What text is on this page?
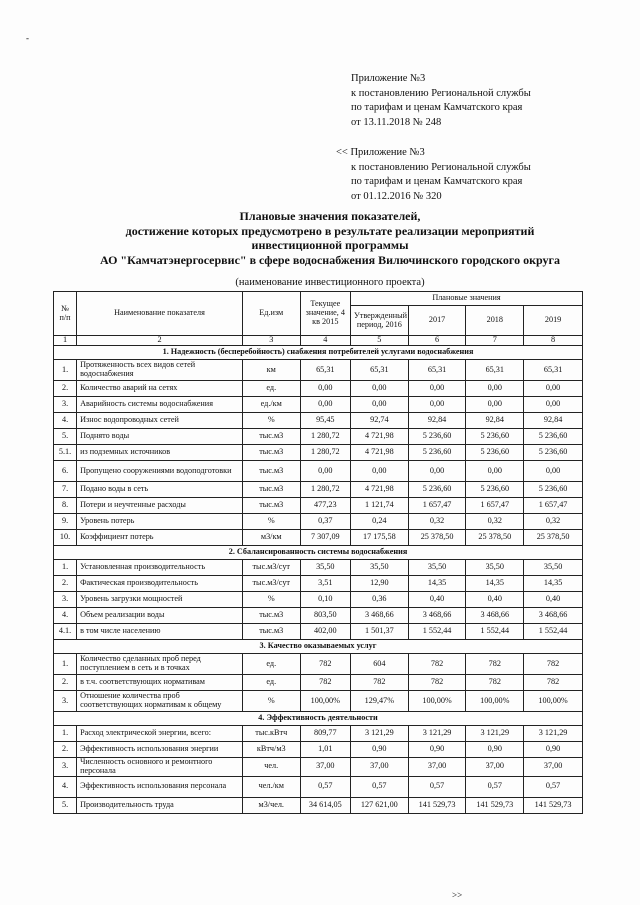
-
Приложение №3
к постановлению Региональной службы
по тарифам и ценам Камчатского края
от 13.11.2018 № 248
<< Приложение №3
к постановлению Региональной службы
по тарифам и ценам Камчатского края
от 01.12.2016 № 320
Плановые значения показателей,
достижение которых предусмотрено в результате реализации мероприятий
инвестиционной программы
АО "Камчатэнергосервис" в сфере водоснабжения Вилючинского городского округа
(наименование инвестиционного проекта)
№ п/п	Наименование показателя	Ед.изм	Текущее значение, 4 кв 2015	Плановые значения			
				Утвержденный период, 2016	2017	2018	2019
1	2	3	4	5	6	7	8
1. Надежность (бесперебойность) снабжения потребителей услугами водоснабжения							
1.	Протяженность всех видов сетей водоснабжения	км	65,31	65,31	65,31	65,31	65,31
2.	Количество аварий на сетях	ед.	0,00	0,00	0,00	0,00	0,00
3.	Аварийность системы водоснабжения	ед./км	0,00	0,00	0,00	0,00	0,00
4.	Износ водопроводных сетей	%	95,45	92,74	92,84	92,84	92,84
5.	Поднято воды	тыс.м3	1 280,72	4 721,98	5 236,60	5 236,60	5 236,60
5.1.	из подземных источников	тыс.м3	1 280,72	4 721,98	5 236,60	5 236,60	5 236,60
6.	Пропущено сооружениями водоподготовки	тыс.м3	0,00	0,00	0,00	0,00	0,00
7.	Подано воды в сеть	тыс.м3	1 280,72	4 721,98	5 236,60	5 236,60	5 236,60
8.	Потери и неучтенные расходы	тыс.м3	477,23	1 121,74	1 657,47	1 657,47	1 657,47
9.	Уровень потерь	%	0,37	0,24	0,32	0,32	0,32
10.	Коэффициент потерь	м3/км	7 307,09	17 175,58	25 378,50	25 378,50	25 378,50
2. Сбалансированность системы водоснабжения							
1.	Установленная производительность	тыс.м3/сут	35,50	35,50	35,50	35,50	35,50
2.	Фактическая производительность	тыс.м3/сут	3,51	12,90	14,35	14,35	14,35
3.	Уровень загрузки мощностей	%	0,10	0,36	0,40	0,40	0,40
4.	Объем реализации воды	тыс.м3	803,50	3 468,66	3 468,66	3 468,66	3 468,66
4.1.	в том числе населению	тыс.м3	402,00	1 501,37	1 552,44	1 552,44	1 552,44
3. Качество оказываемых услуг							
1.	Количество сделанных проб перед поступлением в сеть и в точках	ед.	782	604	782	782	782
2.	в т.ч. соответствующих нормативам	ед.	782	782	782	782	782
3.	Отношение количества проб соответствующих нормативам к общему	%	100,00%	129,47%	100,00%	100,00%	100,00%
4. Эффективность деятельности							
1.	Расход электрической энергии, всего:	тыс.кВтч	809,77	3 121,29	3 121,29	3 121,29	3 121,29
2.	Эффективность использования энергии	кВтч/м3	1,01	0,90	0,90	0,90	0,90
3.	Численность основного и ремонтного персонала	чел.	37,00	37,00	37,00	37,00	37,00
4.	Эффективность использования персонала	чел./км	0,57	0,57	0,57	0,57	0,57
5.	Производительность труда	м3/чел.	34 614,05	127 621,00	141 529,73	141 529,73	141 529,73
>>
